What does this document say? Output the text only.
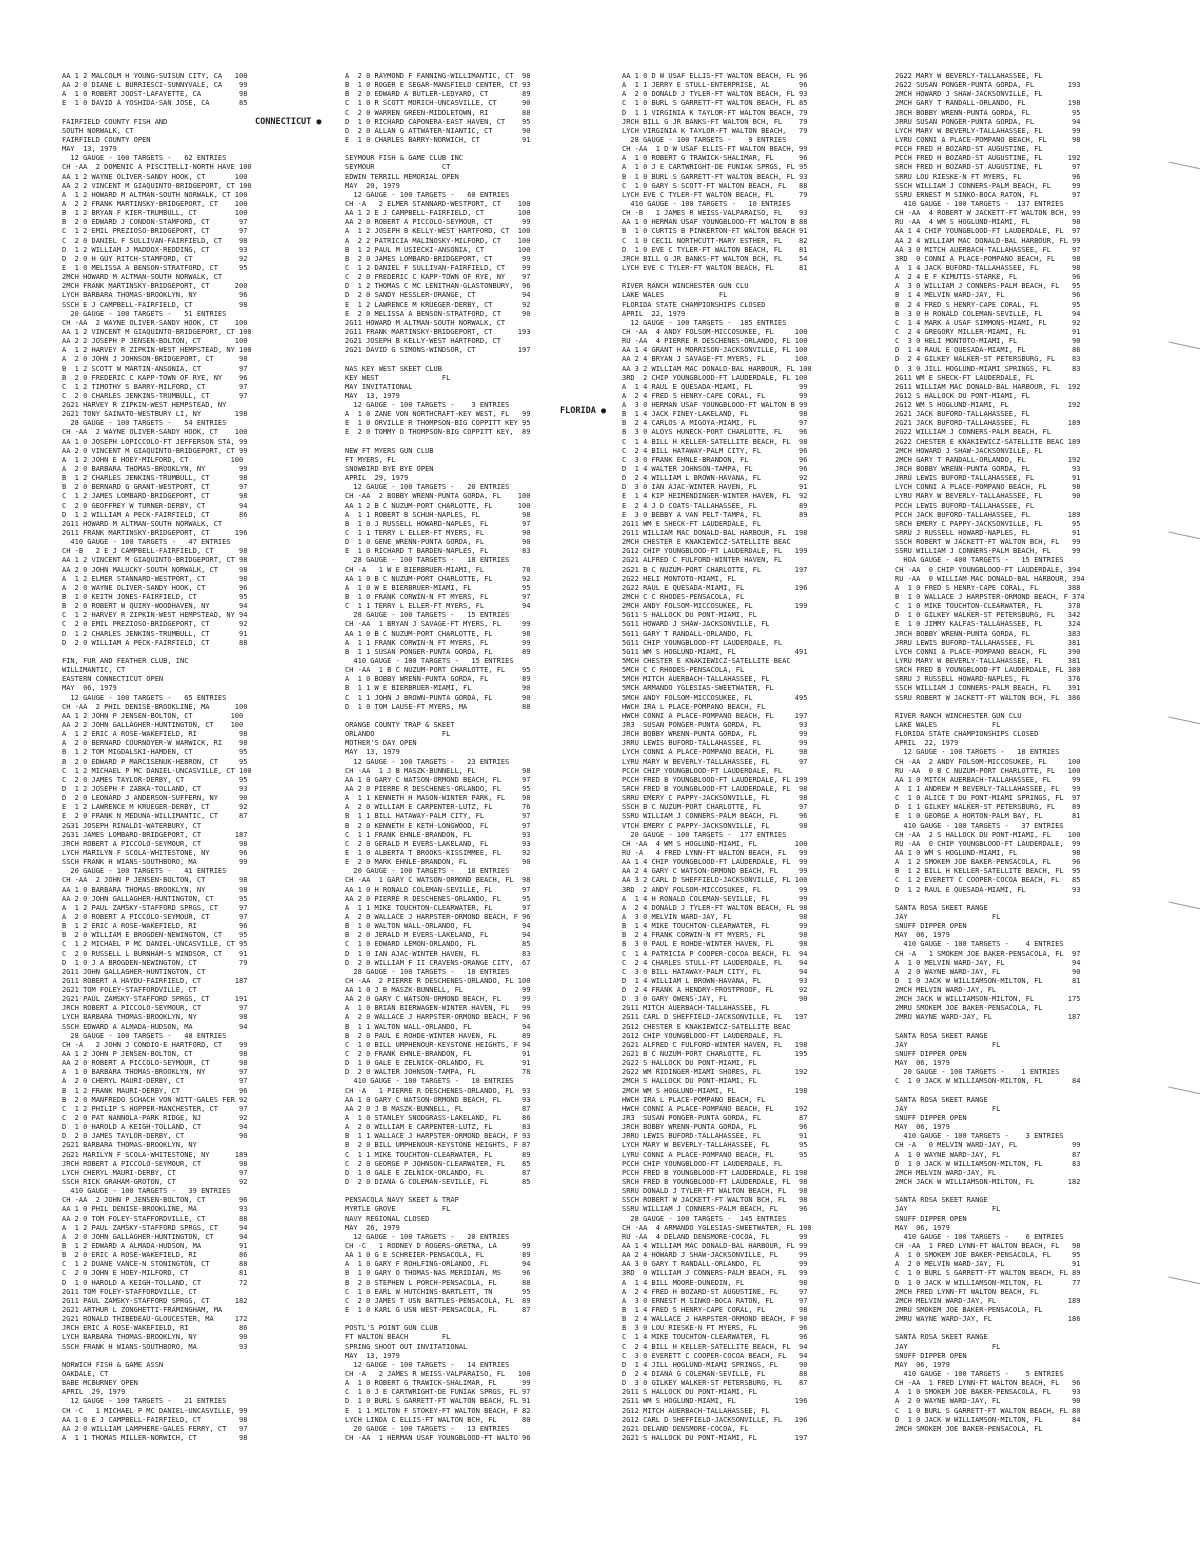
AA 1 2 MALCOLM H YOUNG-SUISUN CITY, CA   100
AA 2 0 DIANE L BURRIESCI-SUNNYVALE, CA    99
A  1 0 ROBERT JOOST-LAFAYETTE, CA         98
E  1 0 DAVID A YOSHIDA-SAN JOSE, CA       85
FAIRFIELD COUNTY FISH AND
SOUTH NORWALK, CT
FAIRFIELD COUNTY OPEN
MAY  13, 1979
12 GAUGE - 100 TARGETS -   62 ENTRIES
CH -AA  2 DOMENIC A PISCITELLI-NORTH HAVE 100
AA 1 2 WAYNE OLIVER-SANDY HOOK, CT       100
AA 2 2 VINCENT M GIAQUINTO-BRIDGEPORT, CT 100
A  1 2 HOWARD M ALTMAN-SOUTH NORWALK, CT 100
A  2 2 FRANK MARTINSKY-BRIDGEPORT, CT    100
B  1 2 BRYAN F KIER-TRUMBULL, CT         100
B  2 0 EDWARD J CONDON-STAMFORD, CT       97
C  1 2 EMIL PREZIOSO-BRIDGEPORT, CT       97
C  2 0 DANIEL F SULLIVAN-FAIRFIELD, CT    98
D  1 2 WILLIAM J MADDOX-REDDING, CT       93
D  2 0 H GUY RITCH-STAMFORD, CT           92
E  1 0 MELISSA A BENSON-STRATFORD, CT     95
2MCH HOWARD M ALTMAN-SOUTH NORWALK, CT
2MCH FRANK MARTINSKY-BRIDGEPORT, CT      200
LYCH BARBARA THOMAS-BROOKLYN, NY          96
SSCH E J CAMPBELL-FAIRFIELD, CT           98
20 GAUGE - 100 TARGETS -   51 ENTRIES
CH -AA  2 WAYNE OLIVER-SANDY HOOK, CT    100
AA 1 2 VINCENT M GIAQUINTO-BRIDGEPORT, CT 100
AA 2 2 JOSEPH P JENSEN-BOLTON, CT        100
A  1 2 HARVEY R ZIPKIN-WEST HEMPSTEAD, NY 100
A  2 0 JOHN J JOHNSON-BRIDGEPORT, CT      98
B  1 2 SCOTT W MARTIN-ANSONIA, CT         97
B  2 0 FREDERIC C KAPP-TOWN OF RYE, NY    96
C  1 2 TIMOTHY S BARRY-MILFORD, CT        97
C  2 0 CHARLES JENKINS-TRUMBULL, CT       97
2G21 HARVEY R ZIPKIN-WEST HEMPSTEAD, NY
2G21 TONY SAINATO-WESTBURY LI, NY        198
28 GAUGE - 100 TARGETS -   54 ENTRIES
CH -AA  2 WAYNE OLIVER-SANDY HOOK, CT    100
AA 1 0 JOSEPH LOPICCOLO-FT JEFFERSON STA, 99
AA 2 0 VINCENT M GIAQUINTO-BRIDGEPORT, CT 99
A  1 2 JOHN E HOEY-MILFORD, CT          100
A  2 0 BARBARA THOMAS-BROOKLYN, NY        99
B  1 2 CHARLES JENKINS-TRUMBULL, CT       98
B  2 0 BERNARD G GRANT-WESTPORT, CT       97
C  1 2 JAMES LOMBARD-BRIDGEPORT, CT       98
C  2 0 GEOFFREY W TURNER-DERBY, CT        94
D  1 2 WILLIAM A PECK-FAIRFIELD, CT       86
2G11 HOWARD M ALTMAN-SOUTH NORWALK, CT
2G11 FRANK MARTINSKY-BRIDGEPORT, CT      196
410 GAUGE - 100 TARGETS -   47 ENTRIES
CH -B   2 E J CAMPBELL-FAIRFIELD, CT      98
AA 1 2 VINCENT M GIAQUINTO-BRIDGEPORT, CT 98
AA 2 0 JOHN MALUCKY-SOUTH NORWALK, CT     98
A  1 2 ELMER STANNARD-WESTPORT, CT        98
A  2 0 WAYNE OLIVER-SANDY HOOK, CT        96
B  1 0 KEITH JONES-FAIRFIELD, CT          95
B  2 0 ROBERT W QUIRY-WOODHAVEN, NY       94
C  1 2 HARVEY R ZIPKIN-WEST HEMPSTEAD, NY 94
C  2 0 EMIL PREZIOSO-BRIDGEPORT, CT       92
D  1 2 CHARLES JENKINS-TRUMBULL, CT       91
D  2 0 WILLIAM A PECK-FAIRFIELD, CT       88
FIN, FUR AND FEATHER CLUB, INC
WILLIMANTIC, CT
EASTERN CONNECTICUT OPEN
MAY  06, 1979
12 GAUGE - 100 TARGETS -   65 ENTRIES
CH -AA  2 PHIL DENISE-BROOKLINE, MA      100
AA 1 2 JOHN P JENSEN-BOLTON, CT         100
AA 2 2 JOHN GALLAGHER-HUNTINGTON, CT    100
A  1 2 ERIC A ROSE-WAKEFIELD, RI          98
A  2 0 BERNARD COURNOYER-W WARWICK, RI    98
B  1 2 TOM MIGDALSKI-HAMDEN, CT           95
B  2 0 EDWARD P MARCISENUK-HEBRON, CT     95
C  1 2 MICHAEL P MC DANIEL-UNCASVILLE, CT 100
C  2 0 JAMES TAYLOR-DERBY, CT             95
D  1 2 JOSEPH F ZABKA-TOLLAND, CT         93
D  2 0 LEONARD J ANDERSON-SUFFERN, NY     90
E  1 2 LAWRENCE M KRUEGER-DERBY, CT       92
E  2 0 FRANK N MEDUNA-WILLIMANTIC, CT     87
2G31 JOSEPH RINALDI-WATERBURY, CT
2G31 JAMES LOMBARD-BRIDGEPORT, CT        187
JRCH ROBERT A PICCOLO-SEYMOUR, CT         98
LYCH MARILYN F SCOLA-WHITESTONE, NY       96
SSCH FRANK H WIANS-SOUTHBORO, MA          99
20 GAUGE - 100 TARGETS -   41 ENTRIES
CH -AA  2 JOHN P JENSEN-BOLTON, CT        98
AA 1 0 BARBARA THOMAS-BROOKLYN, NY        98
AA 2 0 JOHN GALLAGHER-HUNTINGTON, CT      95
A  1 2 PAUL ZAMSKY-STAFFORD SPRGS, CT     97
A  2 0 ROBERT A PICCOLO-SEYMOUR, CT       97
B  1 2 ERIC A ROSE-WAKEFIELD, RI          96
B  2 0 WILLIAM E BROGDEN-NEWINGTON, CT    95
C  1 2 MICHAEL P MC DANIEL-UNCASVILLE, CT 95
C  2 0 RUSSELL L BURNHAM-S WINDSOR, CT    91
D  1 0 J A BROGDEN-NEWINGTON, CT          79
2G11 JOHN GALLAGHER-HUNTINGTON, CT
2G11 ROBERT A HAYDU-FAIRFIELD, CT        187
2G21 TOM FOLEY-STAFFORDVILLE, CT
2G21 PAUL ZAMSKY-STAFFORD SPRGS, CT      191
JRCH ROBERT A PICCOLO-SEYMOUR, CT         97
LYCH BARBARA THOMAS-BROOKLYN, NY          98
SSCH EDWARD A ALMADA-HUDSON, MA           94
28 GAUGE - 100 TARGETS -   48 ENTRIES
CH -A   2 JOHN J CONDIO-E HARTFORD, CT    99
AA 1 2 JOHN P JENSEN-BOLTON, CT           98
AA 2 0 ROBERT A PICCOLO-SEYMOUR, CT       98
A  1 0 BARBARA THOMAS-BROOKLYN, NY        97
A  2 0 CHERYL MAURI-DERBY, CT             97
B  1 2 FRANK MAURI-DERBY, CT              96
B  2 0 MANFREDO SCHACH VON WITT-GALES FER 92
C  1 2 PHILIP S HOPPER-MANCHESTER, CT     97
C  2 0 PAT NANNOLA-PARK RIDGE, NJ         92
D  1 0 HAROLD A KEIGH-TOLLAND, CT         94
D  2 0 JAMES TAYLOR-DERBY, CT             90
2G21 BARBARA THOMAS-BROOKLYN, NY
2G21 MARILYN F SCOLA-WHITESTONE, NY      189
JRCH ROBERT A PICCOLO-SEYMOUR, CT         98
LYCH CHERYL MAURI-DERBY, CT               97
SSCH RICK GRAHAM-GROTON, CT               92
410 GAUGE - 100 TARGETS -   39 ENTRIES
CH -AA  2 JOHN P JENSEN-BOLTON, CT        96
AA 1 0 PHIL DENISE-BROOKLINE, MA          93
AA 2 0 TOM FOLEY-STAFFORDVILLE, CT        88
A  1 2 PAUL ZAMSKY-STAFFORD SPRGS, CT     94
A  2 0 JOHN GALLAGHER-HUNTINGTON, CT      94
B  1 2 EDWARD A ALMADA-HUDSON, MA         91
B  2 0 ERIC A ROSE-WAKEFIELD, RI          86
C  1 2 DUANE VANCE-N STONINGTON, CT       88
C  2 0 JOHN E HOEY-MILFORD, CT            81
D  1 0 HAROLD A KEIGH-TOLLAND, CT         72
2G11 TOM FOLEY-STAFFORDVILLE, CT
2G11 PAUL ZAMSKY-STAFFORD SPRGS, CT      182
2G21 ARTHUR L ZONGHETTI-FRAMINGHAM, MA
2G21 RONALD THIBEDEAU-GLOUCESTER, MA     172
JRCH ERIC A ROSE-WAKEFIELD, RI            86
LYCH BARBARA THOMAS-BROOKLYN, NY          90
SSCH FRANK H WIANS-SOUTHBORO, MA          93
NORWICH FISH & GAME ASSN
OAKDALE, CT
BABE MCBURNEY OPEN
APRIL  29, 1979
12 GAUGE - 100 TARGETS -   21 ENTRIES
CH -C   1 MICHAEL P MC DANIEL-UNCASVILLE, 99
AA 1 0 E J CAMPBELL-FAIRFIELD, CT         98
AA 2 0 WILLIAM LAMPHERE-GALES FERRY, CT   97
A  1 1 THOMAS MILLER-NORWICH, CT          98
A  2 0 RAYMOND F FANNING-WILLIMANTIC, CT  98
B  1 0 ROGER E SEGAR-MANSFIELD CENTER, CT 93
B  2 0 EDWARD A BUTLER-LEDYARD, CT        89
C  1 0 R SCOTT MORICH-UNCASVILLE, CT      90
C  2 0 WARREN GREEN-MIDDLETOWN, RI        88
D  1 0 RICHARD CAPONERA-EAST HAVEN, CT    95
D  2 0 ALLAN G ATTWATER-NIANTIC, CT       90
E  1 0 CHARLES BARRY-NORWICH, CT          91
SEYMOUR FISH & GAME CLUB INC
SEYMOUR                CT
EDWIN TERRILL MEMORIAL OPEN
MAY  20, 1979
12 GAUGE - 100 TARGETS -   60 ENTRIES
CH -A   2 ELMER STANNARD-WESTPORT, CT    100
AA 1 2 E J CAMPBELL-FAIRFIELD, CT        100
AA 2 0 ROBERT A PICCOLO-SEYMOUR, CT       99
A  1 2 JOSEPH B KELLY-WEST HARTFORD, CT  100
A  2 2 PATRICIA MALINOSKY-MILFORD, CT    100
B  1 2 PAUL M USIECKI-ANSONIA, CT        100
B  2 0 JAMES LOMBARD-BRIDGEPORT, CT       99
C  1 2 DANIEL F SULLIVAN-FAIRFIELD, CT    99
C  2 0 FREDERIC C KAPP-TOWN OF RYE, NY    97
D  1 2 THOMAS C MC LENITHAN-GLASTONBURY,  96
D  2 0 SANDY HESSLER-ORANGE, CT           94
E  1 2 LAWRENCE M KRUEGER-DERBY, CT       92
E  2 0 MELISSA A BENSON-STRATFORD, CT     90
2G11 HOWARD M ALTMAN-SOUTH NORWALK, CT
2G11 FRANK MARTINSKY-BRIDGEPORT, CT      193
2G21 JOSEPH B KELLY-WEST HARTFORD, CT
2G21 DAVID G SIMONS-WINDSOR, CT          197
NAS KEY WEST SKEET CLUB
KEY WEST               FL
MAY INVITATIONAL
MAY  13, 1979
12 GAUGE - 100 TARGETS -    3 ENTRIES
A  1 0 ZANE VON NORTHCRAFT-KEY WEST, FL   99
E  1 0 ORVILLE R THOMPSON-BIG COPPITT KEY 95
E  2 0 TOMMY D THOMPSON-BIG COPPITT KEY,  89
NEW FT MYERS GUN CLUB
FT MYERS, FL
SNOWBIRD BYE BYE OPEN
APRIL  29, 1979
12 GAUGE - 100 TARGETS -   20 ENTRIES
CH -AA  2 BOBBY WRENN-PUNTA GORDA, FL    100
AA 1 2 B C NUZUM-PORT CHARLOTTE, FL      100
A  1 1 ROBERT B SCHUH-NAPLES, FL          98
B  1 0 J RUSSELL HOWARD-NAPLES, FL        97
C  1 1 TERRY L ELLER-FT MYERS, FL         90
D  1 0 GENE WRENN-PUNTA GORDA, FL         90
E  1 0 RICHARD T BARDEN-NAPLES, FL        83
28 GAUGE - 100 TARGETS -   18 ENTRIES
CH -A   1 W E BIERBRUER-MIAMI, FL         78
AA 1 0 B C NUZUM-PORT CHARLOTTE, FL       92
A  1 0 W E BIERBRUER-MIAMI, FL            95
B  1 0 FRANK CORWIN-N FT MYERS, FL        97
C  1 1 TERRY L ELLER-FT MYERS, FL         94
28 GAUGE - 100 TARGETS -   15 ENTRIES
CH -AA  1 BRYAN J SAVAGE-FT MYERS, FL     99
AA 1 0 B C NUZUM-PORT CHARLOTTE, FL       98
A  1 1 FRANK CORWIN-N FT MYERS, FL        99
B  1 1 SUSAN PONGER-PUNTA GORDA, FL       89
410 GAUGE - 100 TARGETS -   15 ENTRIES
CH -AA  1 B C NUZUM-PORT CHARLOTTE, FL    95
A  1 0 BOBBY WRENN-PUNTA GORDA, FL        89
B  1 1 W E BIERBRUER-MIAMI, FL            90
C  1 1 JOHN J BROWN-PUNTA GORDA, FL       90
D  1 0 TOM LAUSE-FT MYERS, MA             88
ORANGE COUNTY TRAP & SKEET
ORLANDO                FL
MOTHER'S DAY OPEN
MAY  13, 1979
12 GAUGE - 100 TARGETS -   23 ENTRIES
CH -AA  1 J B MASZK-BUNNELL, FL           98
AA 1 0 GARY C WATSON-ORMOND BEACH, FL     97
AA 2 0 PIERRE R DESCHENES-ORLANDO, FL     95
A  1 1 KENNETH H MASON-WINTER PARK, FL    98
A  2 0 WILLIAM E CARPENTER-LUTZ, FL       76
B  1 1 BILL HATAWAY-PALM CITY, FL         97
B  2 0 KENNETH E KETH-LONGWOOD, FL        97
C  1 1 FRANK EHNLE-BRANDON, FL            93
C  2 0 GERALD M EVERS-LAKELAND, FL        93
E  1 0 ALBERTA T BROOKS-KISSIMMEE, FL     92
E  2 0 MARK EHNLE-BRANDON, FL             90
20 GAUGE - 100 TARGETS -   18 ENTRIES
CH -AA  1 GARY C WATSON-ORMOND BEACH, FL  98
AA 1 0 H RONALD COLEMAN-SEVILLE, FL       97
AA 2 0 PIERRE R DESCHENES-ORLANDO, FL     95
A  1 1 MIKE TOUCHTON-CLEARWATER, FL       97
A  2 0 WALLACE J HARPSTER-ORMOND BEACH, F 96
B  1 0 WALTON WALL-ORLANDO, FL            94
B  2 0 JERALD M EVERS-LAKELAND, FL        94
C  1 0 EDWARD LEMON-ORLANDO, FL           85
D  1 0 IAN AJAC-WINTER HAVEN, FL          83
D  2 0 WILLIAM F II CRAVENS-ORANGE CITY,  67
28 GAUGE - 100 TARGETS -   18 ENTRIES
CH -AA  2 PIERRE R DESCHENES-ORLANDO, FL 100
AA 1 0 J B MASZK-BUNNELL, FL              99
AA 2 0 GARY C WATSON-ORMOND BEACH, FL     99
A  1 0 BRIAN BIERWAGEN-WINTER HAVEN, FL   99
A  2 0 WALLACE J HARPSTER-ORMOND BEACH, F 96
B  1 1 WALTON WALL-ORLANDO, FL            94
B  2 0 PAUL E ROHDE-WINTER HAVEN, FL      89
C  1 0 BILL UMPHENOUR-KEYSTONE HEIGHTS, F 94
C  2 0 FRANK EHNLE-BRANDON, FL            91
D  1 0 GALE E ZELNICK-ORLANDO, FL         91
D  2 0 WALTER JOHNSON-TAMPA, FL           78
410 GAUGE - 100 TARGETS -   18 ENTRIES
CH -A   1 PIERRE R DESCHENES-ORLANDO, FL  93
AA 1 0 GARY C WATSON-ORMOND BEACH, FL     93
AA 2 0 J B MASZK-BUNNELL, FL              87
A  1 0 STANLEY SNODGRASS-LAKELAND, FL     86
A  2 0 WILLIAM E CARPENTER-LUTZ, FL       83
B  1 1 WALLACE J HARPSTER-ORMOND BEACH, F 93
B  2 0 BILL UMPHENOUR-KEYSTONE HEIGHTS, F 87
C  1 1 MIKE TOUCHTON-CLEARWATER, FL       89
C  2 0 GEORGE P JOHNSON-CLEARWATER, FL    85
D  1 0 GALE E ZELNICK-ORLANDO, FL         87
D  2 0 DIANA G COLEMAN-SEVILLE, FL        85
PENSACOLA NAVY SKEET & TRAP
MYRTLE GROVE           FL
NAVY REGIONAL CLOSED
MAY  26, 1979
12 GAUGE - 100 TARGETS -   20 ENTRIES
CH -C   1 RODNEY D ROGERS-GRETNA, LA      99
AA 1 0 G E SCHREIER-PENSACOLA, FL         89
A  1 0 GARY F ROHLFING-ORLANDO, FL        94
B  1 0 GARY O THOMAS-NAS MERIDIAN, MS     96
B  2 0 STEPHEN L PORCH-PENSACOLA, FL      88
C  1 0 EARL W HUTCHINS-BARTLETT, TN       95
C  2 0 JAMES T USN BATTLES-PENSACOLA, FL  89
E  1 0 KARL G USN WEST-PENSACOLA, FL      87
POSTL'S POINT GUN CLUB
FT WALTON BEACH        FL
SPRING SHOOT OUT INVITATIONAL
MAY  13, 1979
12 GAUGE - 100 TARGETS -   14 ENTRIES
CH -A   2 JAMES R WEISS-VALPARAISO, FL   100
A  1 0 ROBERT G TRAWICK-SHALIMAR, FL      99
C  1 0 J E CARTWRIGHT-DE FUNIAK SPRGS, FL 97
D  1 0 BURL S GARRETT-FT WALTON BEACH, FL 91
E  1 1 MILTON F STOKEY-FT WALTON BEACH, F 82
LYCH LINDA C ELLIS-FT WALTON BCH, FL      80
20 GAUGE - 100 TARGETS -   13 ENTRIES
CH -AA  1 HERMAN USAF YOUNGBLOOD-FT WALTO 96
AA 1 0 D W USAF ELLIS-FT WALTON BEACH, FL 96
A  1 1 JERRY E STULL-ENTERPRISE, AL       96
A  2 0 DONALD J TYLER-FT WALTON BEACH, FL 93
C  1 0 BURL S GARRETT-FT WALTON BEACH, FL 85
D  1 1 VIRGINIA K TAYLOR-FT WALTON BEACH, 79
JRCH BILL G JR BANKS-FT WALTON BCH, FL    79
LYCH VIRGINIA K TAYLOR-FT WALTON BEACH,   79
28 GAUGE - 100 TARGETS -    9 ENTRIES
CH -AA  1 D W USAF ELLIS-FT WALTON BEACH, 99
A  1 0 ROBERT G TRAWICK-SHALIMAR, FL      96
A  1 0 J E CARTWRIGHT-DE FUNIAK SPRGS, FL 95
B  1 0 BURL S GARRETT-FT WALTON BEACH, FL 93
C  1 0 GARY S SCOTT-FT WALTON BEACH, FL   88
LYCH EVE C TYLER-FT WALTON BEACH, FL      79
410 GAUGE - 100 TARGETS -   10 ENTRIES
CH -B   1 JAMES R WEISS-VALPARAISO, FL    93
AA 1 0 HERMAN USAF YOUNGBLOOD-FT WALTON B 88
B  1 0 CURTIS B PINKERTON-FT WALTON BEACH 91
C  1 0 CECIL NORTHCUTT-MARY ESTHER, FL    82
D  1 0 EVE C TYLER-FT WALTON BEACH, FL    81
JRCH BILL G JR BANKS-FT WALTON BCH, FL    54
LYCH EVE C TYLER-FT WALTON BEACH, FL      81
RIVER RANCH WINCHESTER GUN CLU
LAKE WALES             FL
FLORIDA STATE CHAMPIONSHIPS CLOSED
APRIL  22, 1979
12 GAUGE - 100 TARGETS -  185 ENTRIES
CH -AA  4 ANDY FOLSOM-MICCOSUKEE, FL     100
RU -AA  4 PIERRE R DESCHENES-ORLANDO, FL 100
AA 1 4 GRANT H MORRISON-JACKSONVILLE, FL 100
AA 2 4 BRYAN J SAVAGE-FT MYERS, FL       100
AA 3 2 WILLIAM MAC DONALD-BAL HARBOUR, FL 100
3RD  2 CHIP YOUNGBLOOD-FT LAUDERDALE, FL 100
A  1 4 RAUL E QUESADA-MIAMI, FL           99
A  2 4 FRED S HENRY-CAPE CORAL, FL        99
A  3 0 HERMAN USAF YOUNGBLOOD-FT WALTON B 99
B  1 4 JACK FINEY-LAKELAND, FL            98
B  2 4 CARLOS A MIGOYA-MIAMI, FL          97
B  3 0 ALOYS HUNECK-PORT CHARLOTTE, FL    96
C  1 4 BILL H KELLER-SATELLITE BEACH, FL  98
C  2 4 BILL HATAWAY-PALM CITY, FL         96
C  3 0 FRANK EHNLE-BRANDON, FL            96
D  1 4 WALTER JOHNSON-TAMPA, FL           96
D  2 4 WILLIAM L BROWN-HAVANA, FL         92
D  3 0 IAN AJAC-WINTER HAVEN, FL          91
E  1 4 KIP HEIMENDINGER-WINTER HAVEN, FL  92
E  2 4 J D COATS-TALLAHASSEE, FL          89
E  3 0 BEBBY A VAN PELT-TAMPA, FL         89
2G11 WM E SHECK-FT LAUDERDALE, FL
2G11 WILLIAM MAC DONALD-BAL HARBOUR, FL  198
2MCH CHESTER E KNAKIEWICZ-SATELLITE BEAC
2G12 CHIP YOUNGBLOOD-FT LAUDERDALE, FL   199
2G21 ALFRED C FULFORD-WINTER HAVEN, FL
2G21 B C NUZUM-PORT CHARLOTTE, FL        197
2G22 HELI MONTOTO-MIAMI, FL
2G22 RAUL E QUESADA-MIAMI, FL            196
2MCH C C RHODES-PENSACOLA, FL
2MCH ANDY FOLSOM-MICCOSUKEE, FL          199
5G11 S HALLOCK DU PONT-MIAMI, FL
5G11 HOWARD J SHAW-JACKSONVILLE, FL
5G11 GARY T RANDALL-ORLANDO, FL
5G11 CHIP YOUNGBLOOD-FT LAUDERDALE, FL
5G11 WM S HOGLUND-MIAMI, FL              491
5MCH CHESTER E KNAKIEWICZ-SATELLITE BEAC
5MCH C C RHODES-PENSACOLA, FL
5MCH MITCH AUERBACH-TALLAHASSEE, FL
5MCH ARMANDO YGLESIAS-SWEETWATER, FL
5MCH ANDY FOLSOM-MICCOSUKEE, FL          495
HWCH IRA L PLACE-POMPANO BEACH, FL
HWCH CONNI A PLACE-POMPANO BEACH, FL     197
JR3  SUSAN PONGER-PUNTA GORDA, FL         93
JRCH BOBBY WRENN-PUNTA GORDA, FL          99
JRRU LEWIS BUFORD-TALLAHASSEE, FL         99
LYCH CONNI A PLACE-POMPANO BEACH, FL      98
LYRU MARY W BEVERLY-TALLAHASSEE, FL       97
PCCH CHIP YOUNGBLOOD-FT LAUDERDALE, FL
PCCH FRED B YOUNGBLOOD-FT LAUDERDALE, FL 199
SRCH FRED B YOUNGBLOOD-FT LAUDERDALE, FL  98
SRRU EMERY C PAPPY-JACKSONVILLE, FL       98
SSCH B C NUZUM-PORT CHARLOTTE, FL         97
SSRU WILLIAM J CONNERS-PALM BEACH, FL     96
VTCH EMERY C PAPPY-JACKSONVILLE, FL       98
20 GAUGE - 100 TARGETS -  177 ENTRIES
CH -AA  4 WM S HOGLUND-MIAMI, FL         100
RU -A   4 FRED LYNN-FT WALTON BEACH, FL   99
AA 1 4 CHIP YOUNGBLOOD-FT LAUDERDALE, FL  99
AA 2 4 GARY C WATSON-ORMOND BEACH, FL     99
AA 3 2 CARL D SHEFFIELD-JACKSONVILLE, FL 100
3RD  2 ANDY FOLSOM-MICCOSUKEE, FL         99
A  1 4 H RONALD COLEMAN-SEVILLE, FL       99
A  2 4 DONALD J TYLER-FT WALTON BEACH, FL 98
A  3 0 MELVIN WARD-JAY, FL                98
B  1 4 MIKE TOUCHTON-CLEARWATER, FL       99
B  2 4 FRANK CORWIN-N FT MYERS, FL        98
B  3 0 PAUL E ROHDE-WINTER HAVEN, FL      98
C  1 4 PATRICIA P COOPER-COCOA BEACH, FL  94
C  2 4 CHARLES STULL-FT LAUDERDALE, FL    94
C  3 0 BILL HATAWAY-PALM CITY, FL         94
D  1 4 WILLIAM L BROWN-HAVANA, FL         93
D  2 4 FRANK A HENDRY-FROSTPROOF, FL      92
D  3 0 GARY OWENS-JAY, FL                 90
2G11 MITCH AUERBACH-TALLAHASSEE, FL
2G11 CARL D SHEFFIELD-JACKSONVILLE, FL   197
2G12 CHESTER E KNAKIEWICZ-SATELLITE BEAC
2G12 CHIP YOUNGBLOOD-FT LAUDERDALE, FL
2G21 ALFRED C FULFORD-WINTER HAVEN, FL   198
2G21 B C NUZUM-PORT CHARLOTTE, FL        195
2G22 S HALLOCK DU PONT-MIAMI, FL
2G22 WM RIDINGER-MIAMI SHORES, FL        192
2MCH S HALLOCK DU PONT-MIAMI, FL
2MCH WM S HOGLUND-MIAMI, FL              198
HWCH IRA L PLACE-POMPANO BEACH, FL
HWCH CONNI A PLACE-POMPANO BEACH, FL     192
JR3  SUSAN PONGER-PUNTA GORDA, FL         87
JRCH BOBBY WRENN-PUNTA GORDA, FL          96
JRRU LEWIS BUFORD-TALLAHASSEE, FL         91
LYCH MARY W BEVERLY-TALLAHASSEE, FL       95
LYRU CONNI A PLACE-POMPANO BEACH, FL      95
PCCH CHIP YOUNGBLOOD-FT LAUDERDALE, FL
PCCH FRED B YOUNGBLOOD-FT LAUDERDALE, FL 198
SRCH FRED B YOUNGBLOOD-FT LAUDERDALE, FL  98
SRRU DONALD J TYLER-FT WALTON BEACH, FL   98
SSCH ROBERT W JACKETT-FT WALTON BCH, FL   98
SSRU WILLIAM J CONNERS-PALM BEACH, FL     96
28 GAUGE - 100 TARGETS -  145 ENTRIES
CH -AA  4 ARMANDO YGLESIAS-SWEETWATER, FL 100
RU -AA  4 DELAND DENSMORE-COCOA, FL       99
AA 1 4 WILLIAM MAC DONALD-BAL HARBOUR, FL 99
AA 2 4 HOWARD J SHAW-JACKSONVILLE, FL     99
AA 3 0 GARY T RANDALL-ORLANDO, FL         99
3RD  0 WILLIAM J CONNERS-PALM BEACH, FL   99
A  1 4 BILL MOORE-DUNEDIN, FL             98
A  2 4 FRED H BOZARD-ST AUGUSTINE, FL     97
A  3 0 ERNEST M SINKO-BOCA RATON, FL      97
B  1 4 FRED S HENRY-CAPE CORAL, FL        98
B  2 4 WALLACE J HARPSTER-ORMOND BEACH, F 98
B  3 0 LOU RIESKE-N FT MYERS, FL          96
C  1 4 MIKE TOUCHTON-CLEARWATER, FL       96
C  2 4 BILL H KELLER-SATELLITE BEACH, FL  94
C  3 0 EVERETT C COOPER-COCOA BEACH, FL   94
D  1 4 JILL HOGLUND-MIAMI SPRINGS, FL     90
D  2 4 DIANA G COLEMAN-SEVILLE, FL        88
D  3 0 GILKEY WALKER-ST PETERSBURG, FL    87
2G11 S HALLOCK DU PONT-MIAMI, FL
2G11 WM S HOGLUND-MIAMI, FL              196
2G12 MITCH AUERBACH-TALLAHASSEE, FL
2G12 CARL D SHEFFIELD-JACKSONVILLE, FL   196
2G21 DELAND DENSMORE-COCOA, FL
2G21 S HALLOCK DU PONT-MIAMI, FL         197
2G22 MARY W BEVERLY-TALLAHASSEE, FL
2G22 SUSAN PONGER-PUNTA GORDA, FL        193
2MCH HOWARD J SHAW-JACKSONVILLE, FL
2MCH GARY T RANDALL-ORLANDO, FL          198
JRCH BOBBY WRENN-PUNTA GORDA, FL          95
JRRU SUSAN PONGER-PUNTA GORDA, FL         94
LYCH MARY W BEVERLY-TALLAHASSEE, FL       99
LYRU CONNI A PLACE-POMPANO BEACH, FL      98
PCCH FRED H BOZARD-ST AUGUSTINE, FL
PCCH FRED H BOZARD-ST AUGUSTINE, FL      192
SRCH FRED H BOZARD-ST AUGUSTINE, FL       97
SRRU LOU RIESKE-N FT MYERS, FL            96
SSCH WILLIAM J CONNERS-PALM BEACH, FL     99
SSRU ERNEST M SINKO-BOCA RATON, FL        97
410 GAUGE - 100 TARGETS -  137 ENTRIES
CH -AA  4 ROBERT W JACKETT-FT WALTON BCH, 99
RU -AA  4 WM S HOGLUND-MIAMI, FL          98
AA 1 4 CHIP YOUNGBLOOD-FT LAUDERDALE, FL  97
AA 2 4 WILLIAM MAC DONALD-BAL HARBOUR, FL 99
AA 3 0 MITCH AUERBACH-TALLAHASSEE, FL     97
3RD  0 CONNI A PLACE-POMPANO BEACH, FL    98
A  1 4 JACK BUFORD-TALLAHASSEE, FL        98
A  2 4 E F KIMUTIS-STARKE, FL             96
A  3 0 WILLIAM J CONNERS-PALM BEACH, FL   95
B  1 4 MELVIN WARD-JAY, FL                96
B  2 4 FRED S HENRY-CAPE CORAL, FL        95
B  3 0 H RONALD COLEMAN-SEVILLE, FL       94
C  1 4 MARK A USAF SIMMONS-MIAMI, FL      92
C  2 4 GREGORY MILLER-MIAMI, FL           91
C  3 0 HELI MONTOTO-MIAMI, FL             90
D  1 4 RAUL E QUESADA-MIAMI, FL           86
D  2 4 GILKEY WALKER-ST PETERSBURG, FL    83
D  3 0 JILL HOGLUND-MIAMI SPRINGS, FL     83
2G11 WM E SHECK-FT LAUDERDALE, FL
2G11 WILLIAM MAC DONALD-BAL HARBOUR, FL  192
2G12 S HALLOCK DU PONT-MIAMI, FL
2G12 WM S HOGLUND-MIAMI, FL              192
2G21 JACK BUFORD-TALLAHASSEE, FL
2G21 JACK BUFORD-TALLAHASSEE, FL         189
2G22 WILLIAM J CONNERS-PALM BEACH, FL
2G22 CHESTER E KNAKIEWICZ-SATELLITE BEAC 189
2MCH HOWARD J SHAW-JACKSONVILLE, FL
2MCH GARY T RANDALL-ORLANDO, FL          192
JRCH BOBBY WRENN-PUNTA GORDA, FL          93
JRRU LEWIS BUFORD-TALLAHASSEE, FL         91
LYCH CONNI A PLACE-POMPANO BEACH, FL      98
LYRU MARY W BEVERLY-TALLAHASSEE, FL       90
PCCH LEWIS BUFORD-TALLAHASSEE, FL
PCCH JACK BUFORD-TALLAHASSEE, FL         189
SRCH EMERY C PAPPY-JACKSONVILLE, FL       95
SRRU J RUSSELL HOWARD-NAPLES, FL          91
SSCH ROBERT W JACKETT-FT WALTON BCH, FL   99
SSRU WILLIAM J CONNERS-PALM BEACH, FL     99
HOA GAUGE - 400 TARGETS -   15 ENTRIES
CH -AA  0 CHIP YOUNGBLOOD-FT LAUDERDALE, 394
RU -AA  0 WILLIAM MAC DONALD-BAL HARBOUR, 394
A  1 0 FRED S HENRY-CAPE CORAL, FL       388
B  1 0 WALLACE J HARPSTER-ORMOND BEACH, F 374
C  1 0 MIKE TOUCHTON-CLEARWATER, FL      378
D  1 0 GILKEY WALKER-ST PETERSBURG, FL   342
E  1 0 JIMMY KALFAS-TALLAHASSEE, FL      324
JRCH BOBBY WRENN-PUNTA GORDA, FL         383
JRRU LEWIS BUFORD-TALLAHASSEE, FL        381
LYCH CONNI A PLACE-POMPANO BEACH, FL     390
LYRU MARY W BEVERLY-TALLAHASSEE, FL      381
SRCH FRED B YOUNGBLOOD-FT LAUDERDALE, FL 380
SRRU J RUSSELL HOWARD-NAPLES, FL         376
SSCH WILLIAM J CONNERS-PALM BEACH, FL    391
SSRU ROBERT W JACKETT-FT WALTON BCH, FL  386
RIVER RANCH WINCHESTER GUN CLU
LAKE WALES             FL
FLORIDA STATE CHAMPIONSHIPS CLOSED
APRIL  22, 1979
12 GAUGE - 100 TARGETS -   18 ENTRIES
CH -AA  2 ANDY FOLSOM-MICCOSUKEE, FL     100
RU -AA  0 B C NUZUM-PORT CHARLOTTE, FL   100
AA 1 0 MITCH AUERBACH-TALLAHASSEE, FL     99
A  1 1 ANDREW M BEVERLY-TALLAHASSEE, FL   99
C  1 0 ALICE T DU PONT-MIAMI SPRINGS, FL  97
D  1 1 GILKEY WALKER-ST PETERSBURG, FL    89
E  1 0 GEORGE A HORTON-PALM BAY, FL       81
410 GAUGE - 100 TARGETS -   37 ENTRIES
CH -AA  2 S HALLOCK DU PONT-MIAMI, FL    100
RU -AA  0 CHIP YOUNGBLOOD-FT LAUDERDALE,  99
AA 1 0 WM S HOGLUND-MIAMI, FL             98
A  1 2 SMOKEM JOE BAKER-PENSACOLA, FL     96
B  1 2 BILL H KELLER-SATELLITE BEACH, FL  95
C  1 2 EVERETT C COOPER-COCOA BEACH, FL   85
D  1 2 RAUL E QUESADA-MIAMI, FL           93
SANTA ROSA SKEET RANGE
JAY                    FL
SNUFF DIPPER OPEN
MAY  06, 1979
410 GAUGE - 100 TARGETS -    4 ENTRIES
CH -A   1 SMOKEM JOE BAKER-PENSACOLA, FL  97
A  1 0 MELVIN WARD-JAY, FL                94
A  2 0 WAYNE WARD-JAY, FL                 90
D  1 0 JACK W WILLIAMSON-MILTON, FL       81
2MCH MELVIN WARD-JAY, FL
2MCH JACK W WILLIAMSON-MILTON, FL        175
2MRU SMOKEM JOE BAKER-PENSACOLA, FL
2MRU WAYNE WARD-JAY, FL                  187
SANTA ROSA SKEET RANGE
JAY                    FL
SNUFF DIPPER OPEN
MAY  06, 1979
20 GAUGE - 100 TARGETS -    1 ENTRIES
C  1 0 JACK W WILLIAMSON-MILTON, FL       84
SANTA ROSA SKEET RANGE
JAY                    FL
SNUFF DIPPER OPEN
MAY  06, 1979
410 GAUGE - 100 TARGETS -    3 ENTRIES
CH -A   0 MELVIN WARD-JAY, FL             99
A  1 0 WAYNE WARD-JAY, FL                 87
D  1 0 JACK W WILLIAMSON-MILTON, FL       83
2MCH MELVIN WARD-JAY, FL
2MCH JACK W WILLIAMSON-MILTON, FL        182
SANTA ROSA SKEET RANGE
JAY                    FL
SNUFF DIPPER OPEN
MAY  06, 1979
410 GAUGE - 100 TARGETS -    6 ENTRIES
CH -AA  1 FRED LYNN-FT WALTON BEACH, FL   98
A  1 0 SMOKEM JOE BAKER-PENSACOLA, FL     95
A  2 0 MELVIN WARD-JAY, FL                91
C  1 0 BURL S GARRETT-FT WALTON BEACH, FL 89
D  1 0 JACK W WILLIAMSON-MILTON, FL       77
2MCH FRED LYNN-FT WALTON BEACH, FL
2MCH MELVIN WARD-JAY, FL                 189
2MRU SMOKEM JOE BAKER-PENSACOLA, FL
2MRU WAYNE WARD-JAY, FL                  186
SANTA ROSA SKEET RANGE
JAY                    FL
SNUFF DIPPER OPEN
MAY  06, 1979
410 GAUGE - 100 TARGETS -    5 ENTRIES
CH -AA  1 FRED LYNN-FT WALTON BEACH, FL   96
A  1 0 SMOKEM JOE BAKER-PENSACOLA, FL     93
A  2 0 WAYNE WARD-JAY, FL                 90
C  1 0 BURL S GARRETT-FT WALTON BEACH, FL 80
D  1 0 JACK W WILLIAMSON-MILTON, FL       84
2MCH SMOKEM JOE BAKER-PENSACOLA, FL
CONNECTICUT ●
FLORIDA ●
